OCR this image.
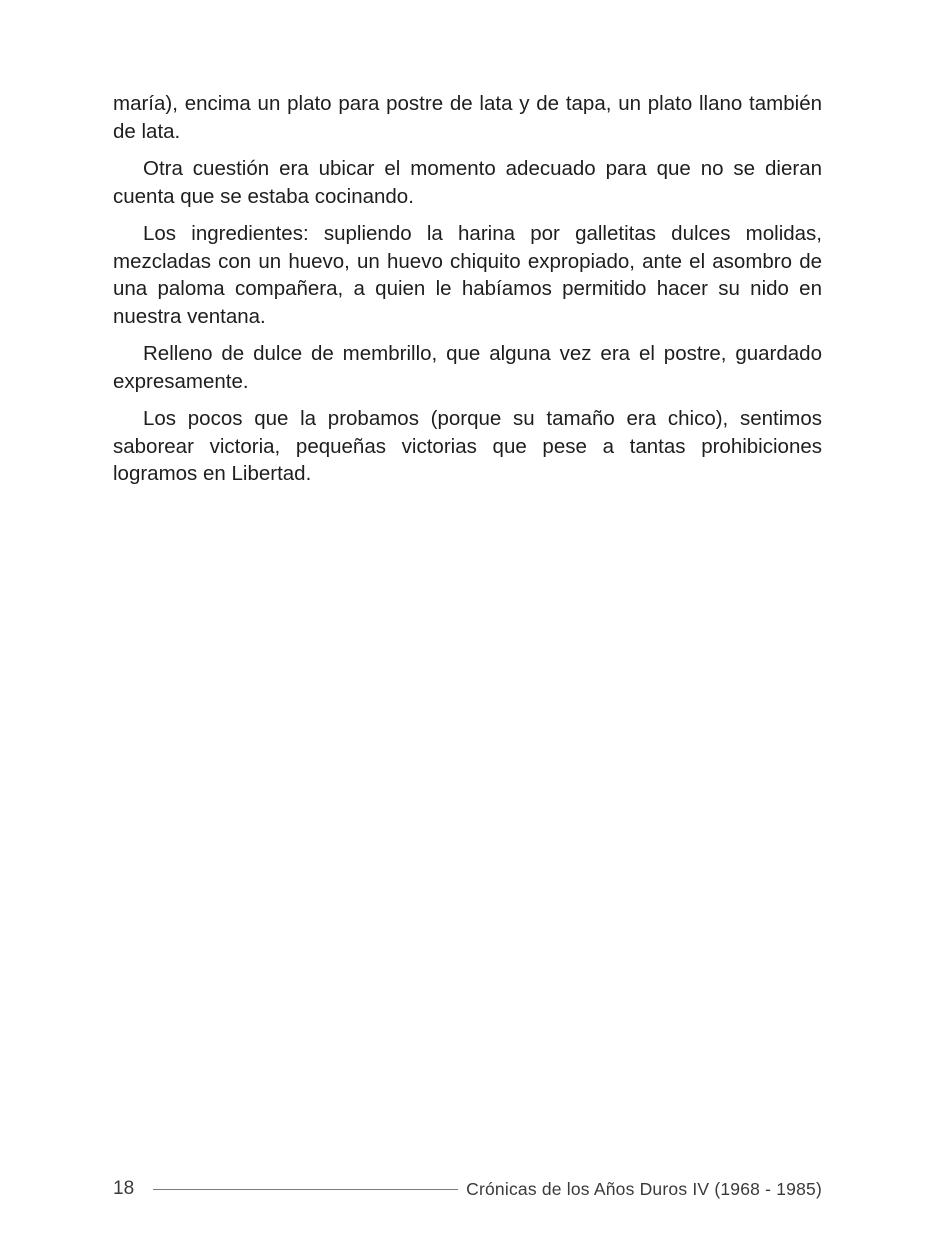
maría), encima un plato para postre de lata y de tapa, un plato llano también de lata.

Otra cuestión era ubicar el momento adecuado para que no se dieran cuenta que se estaba cocinando.

Los ingredientes: supliendo la harina por galletitas dulces molidas, mezcladas con un huevo, un huevo chiquito expropiado, ante el asombro de una paloma compañera, a quien le habíamos permitido hacer su nido en nuestra ventana.

Relleno de dulce de membrillo, que alguna vez era el postre, guardado expresamente.

Los pocos que la probamos (porque su tamaño era chico), sentimos saborear victoria, pequeñas victorias que pese a tantas prohibiciones logramos en Libertad.

18	Crónicas de los Años Duros IV (1968 - 1985)
